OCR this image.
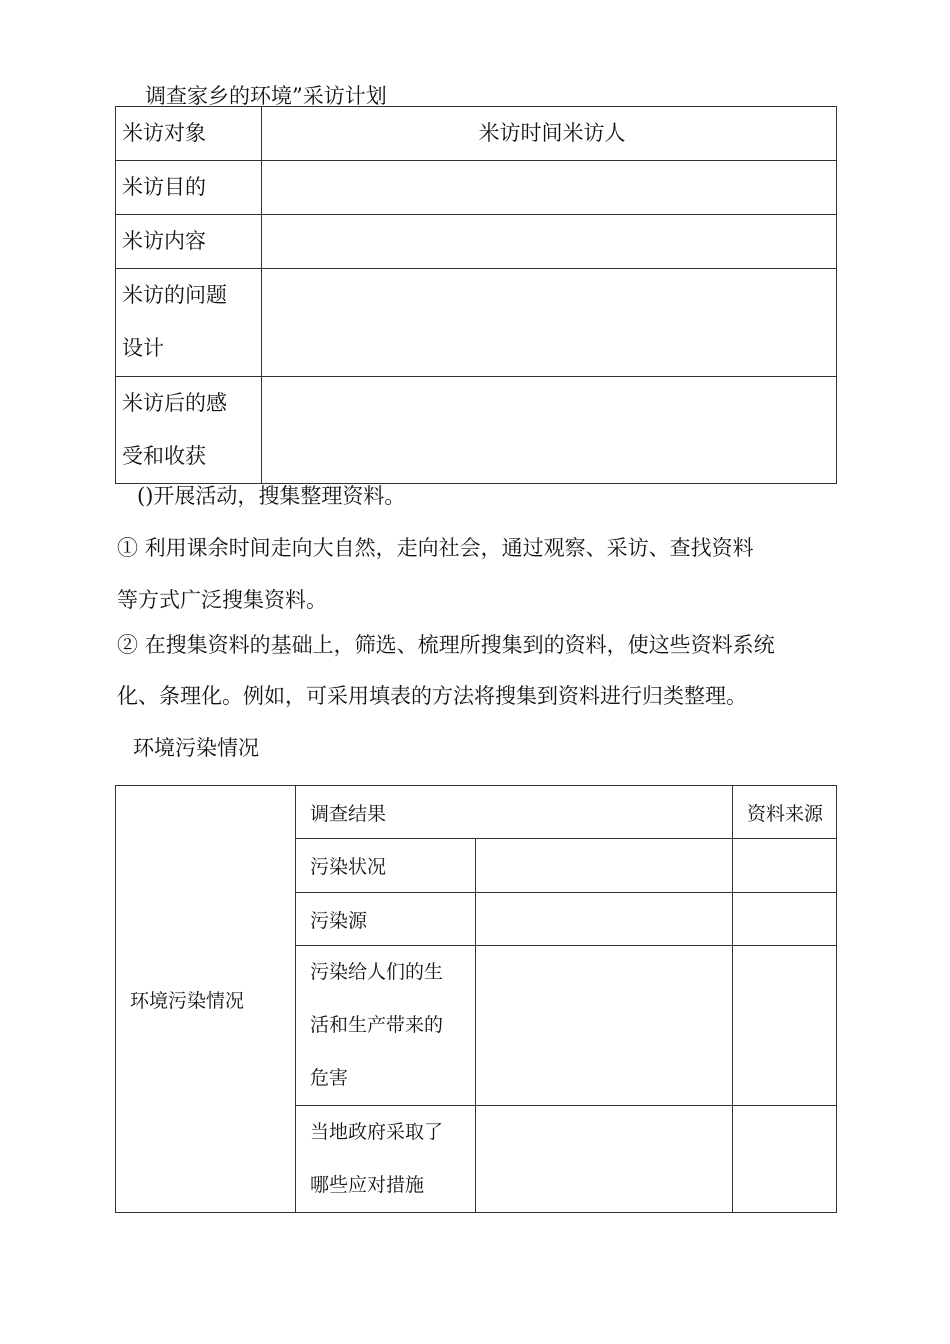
调查家乡的环境”采访计划
米访对象	米访时间米访人
米访目的	
米访内容	
米访的问题设计	
米访后的感受和收获	
()开展活动，搜集整理资料。
① 利用课余时间走向大自然，走向社会，通过观察、采访、查找资料
等方式广泛搜集资料。
② 在搜集资料的基础上，筛选、梳理所搜集到的资料，使这些资料系统
化、条理化。例如，可采用填表的方法将搜集到资料进行归类整理。
环境污染情况
环境污染情况	调查结果		资料来源
	污染状况		
	污染源		
	污染给人们的生活和生产带来的危害		
	当地政府采取了哪些应对措施		
